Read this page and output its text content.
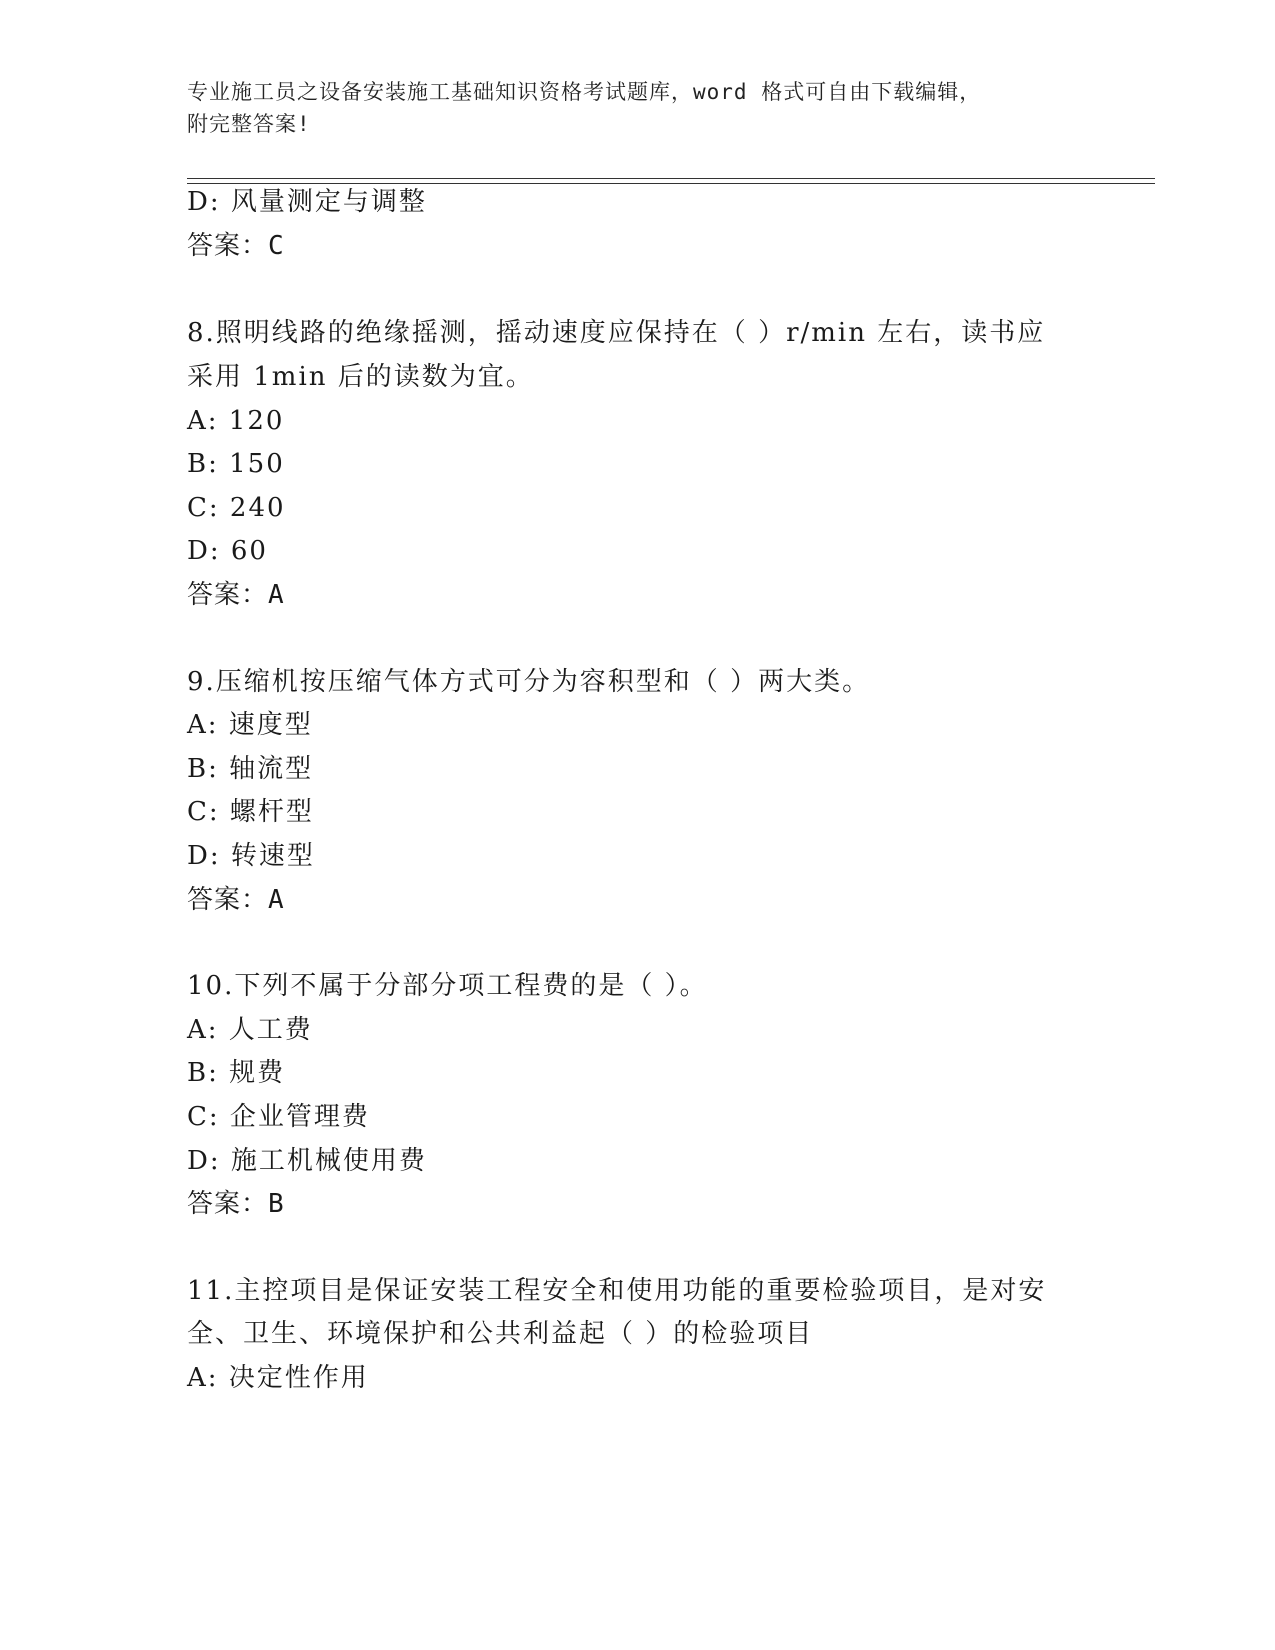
专业施工员之设备安装施工基础知识资格考试题库，word 格式可自由下载编辑，
附完整答案!
D: 风量测定与调整
答案：C
8.照明线路的绝缘摇测，摇动速度应保持在（ ）r/min 左右，读书应
采用 1min 后的读数为宜。
A: 120
B: 150
C: 240
D: 60
答案：A
9.压缩机按压缩气体方式可分为容积型和（ ）两大类。
A: 速度型
B: 轴流型
C: 螺杆型
D: 转速型
答案：A
10.下列不属于分部分项工程费的是（ ）。
A: 人工费
B: 规费
C: 企业管理费
D: 施工机械使用费
答案：B
11.主控项目是保证安装工程安全和使用功能的重要检验项目，是对安
全、卫生、环境保护和公共利益起（ ）的检验项目
A: 决定性作用
